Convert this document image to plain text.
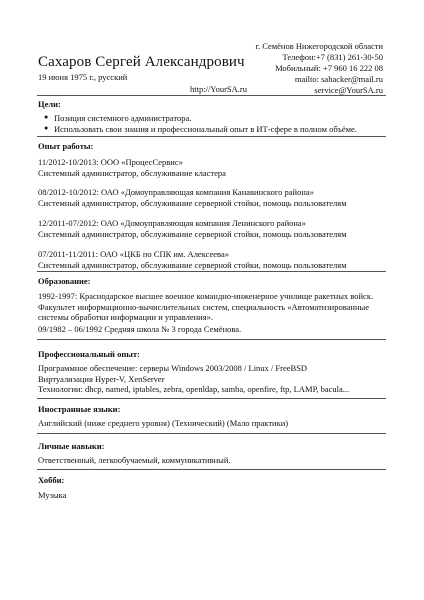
г. Семёнов Нижегородской области
Телефон:+7 (831) 261-30-50
Мобильный: +7 960 16 222 08
mailto: sahacker@mail.ru
service@YourSA.ru
Сахаров Сергей Александрович
19 июня 1975 г., русский
http://YourSA.ru
Цели:
● Позиция системного администратора.
● Использовать свои знания и профессиональный опыт в ИТ-сфере в полном объёме.
Опыт работы:
11/2012-10/2013: ООО «ПроцесСервис»
Системный администратор, обслуживание кластера
08/2012-10/2012: ОАО «Домоуправляющая компания Канавинского района»
Системный администратор, обслуживание серверной стойки, помощь пользователям
12/2011-07/2012: ОАО «Домоуправляющая компания Ленинского района»
Системный администратор, обслуживание серверной стойки, помощь пользователям
07/2011-11/2011: ОАО «ЦКБ по СПК им. Алексеева»
Системный администратор, обслуживание серверной стойки, помощь пользователям
Образование:
1992-1997: Краснодарское высшее военное командно-инженерное училище ракетных войск.
Факультет информационно-вычислительных систем, специальность «Автоматизированные
системы обработки информации и управления».
09/1982 – 06/1992 Средняя школа № 3 города Семёнова.
Профессиональный опыт:
Программное обеспечение: серверы Windows 2003/2008 / Linux / FreeBSD
Виртуализация Hyper-V, XenServer
Технологии: dhcp, named, iptables, zebra, openldap, samba, openfire, ftp, LAMP, bacula...
Иностранные языки:
Английский (ниже среднего уровня) (Технический) (Мало практики)
Личные навыки:
Ответственный, легкообучаемый, коммуникативный.
Хобби:
Музыка
